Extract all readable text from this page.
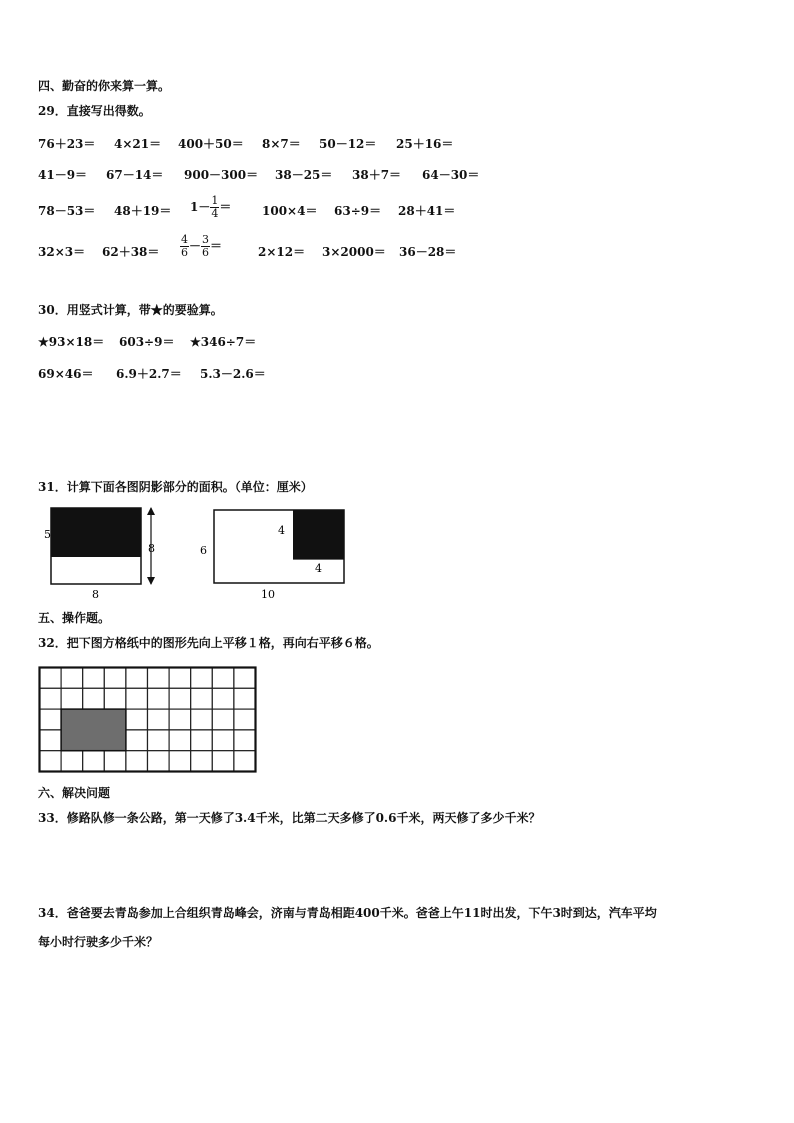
四、勤奋的你来算一算。
29．直接写出得数。
76＋23＝ 4×21＝ 400＋50＝ 8×7＝ 50－12＝ 25＋16＝
41－9＝ 67－14＝ 900－300＝ 38－25＝ 38＋7＝ 64－30＝
$78-53= 48+19= 1- \frac{1}{4}$ ＝	100×4＝ 63÷9＝ 28＋41＝
$32\times 3= 62+38= \frac{4}{6} - \frac{3}{6}$ ＝	2×12＝ 3×2000＝ 36－28＝
30．用竖式计算，带★的要验算。
★93×18＝ 603÷9＝ ★346÷7＝
69×46＝ 6.9＋2.7＝ 5.3－2.6＝
31．计算下面各图阴影部分的面积。（单位：厘米）
5
8
8
6
4
4
10
五、操作题。
32．把下图方格纸中的图形先向上平移１格，再向右平移６格。
六、解决问题
33．修路队修一条公路，第一天修了3.4千米，比第二天多修了0.6千米，两天修了多少千米？
34．爸爸要去青岛参加上合组织青岛峰会，济南与青岛相距400千米。爸爸上午11时出发，下午3时到达，汽车平均
每小时行驶多少千米？
